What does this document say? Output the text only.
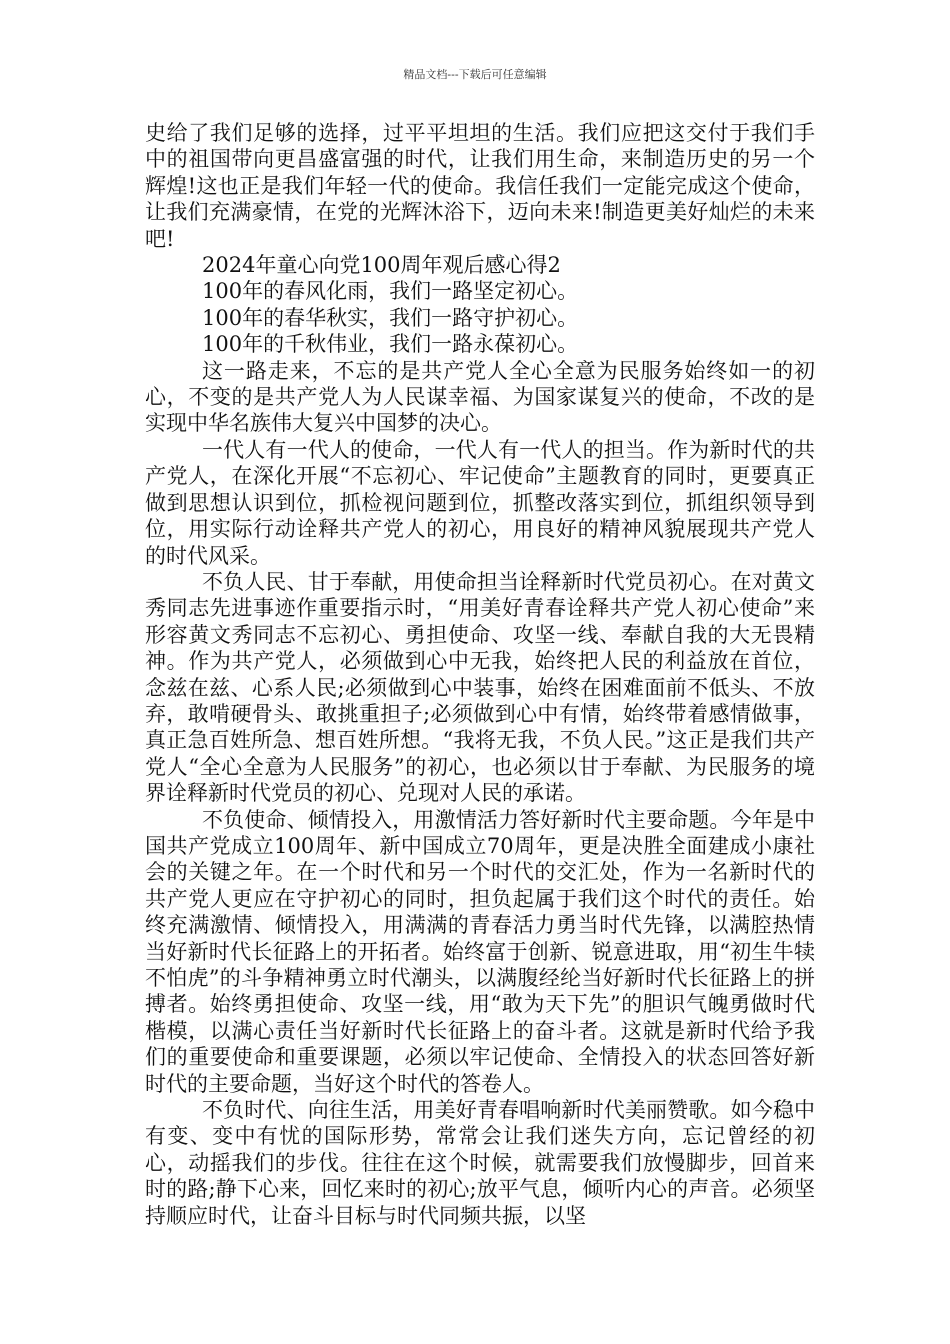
精品文档---下载后可任意编辑

史给了我们足够的选择，过平平坦坦的生活。我们应把这交付于我们手中的祖国带向更昌盛富强的时代，让我们用生命，来制造历史的另一个辉煌!这也正是我们年轻一代的使命。我信任我们一定能完成这个使命，让我们充满豪情，在党的光辉沐浴下，迈向未来!制造更美好灿烂的未来吧!

2024年童心向党100周年观后感心得2

100年的春风化雨，我们一路坚定初心。

100年的春华秋实，我们一路守护初心。

100年的千秋伟业，我们一路永葆初心。

这一路走来，不忘的是共产党人全心全意为民服务始终如一的初心，不变的是共产党人为人民谋幸福、为国家谋复兴的使命，不改的是实现中华名族伟大复兴中国梦的决心。

一代人有一代人的使命，一代人有一代人的担当。作为新时代的共产党人，在深化开展“不忘初心、牢记使命”主题教育的同时，更要真正做到思想认识到位，抓检视问题到位，抓整改落实到位，抓组织领导到位，用实际行动诠释共产党人的初心，用良好的精神风貌展现共产党人的时代风采。

不负人民、甘于奉献，用使命担当诠释新时代党员初心。在对黄文秀同志先进事迹作重要指示时，“用美好青春诠释共产党人初心使命”来形容黄文秀同志不忘初心、勇担使命、攻坚一线、奉献自我的大无畏精神。作为共产党人，必须做到心中无我，始终把人民的利益放在首位，念兹在兹、心系人民;必须做到心中装事，始终在困难面前不低头、不放弃，敢啃硬骨头、敢挑重担子;必须做到心中有情，始终带着感情做事，真正急百姓所急、想百姓所想。“我将无我，不负人民。”这正是我们共产党人“全心全意为人民服务”的初心，也必须以甘于奉献、为民服务的境界诠释新时代党员的初心、兑现对人民的承诺。

不负使命、倾情投入，用激情活力答好新时代主要命题。今年是中国共产党成立100周年、新中国成立70周年，更是决胜全面建成小康社会的关键之年。在一个时代和另一个时代的交汇处，作为一名新时代的共产党人更应在守护初心的同时，担负起属于我们这个时代的责任。始终充满激情、倾情投入，用满满的青春活力勇当时代先锋，以满腔热情当好新时代长征路上的开拓者。始终富于创新、锐意进取，用“初生牛犊不怕虎”的斗争精神勇立时代潮头，以满腹经纶当好新时代长征路上的拼搏者。始终勇担使命、攻坚一线，用“敢为天下先”的胆识气魄勇做时代楷模，以满心责任当好新时代长征路上的奋斗者。这就是新时代给予我们的重要使命和重要课题，必须以牢记使命、全情投入的状态回答好新时代的主要命题，当好这个时代的答卷人。

不负时代、向往生活，用美好青春唱响新时代美丽赞歌。如今稳中有变、变中有忧的国际形势，常常会让我们迷失方向，忘记曾经的初心，动摇我们的步伐。往往在这个时候，就需要我们放慢脚步，回首来时的路;静下心来，回忆来时的初心;放平气息，倾听内心的声音。必须坚持顺应时代，让奋斗目标与时代同频共振，以坚
